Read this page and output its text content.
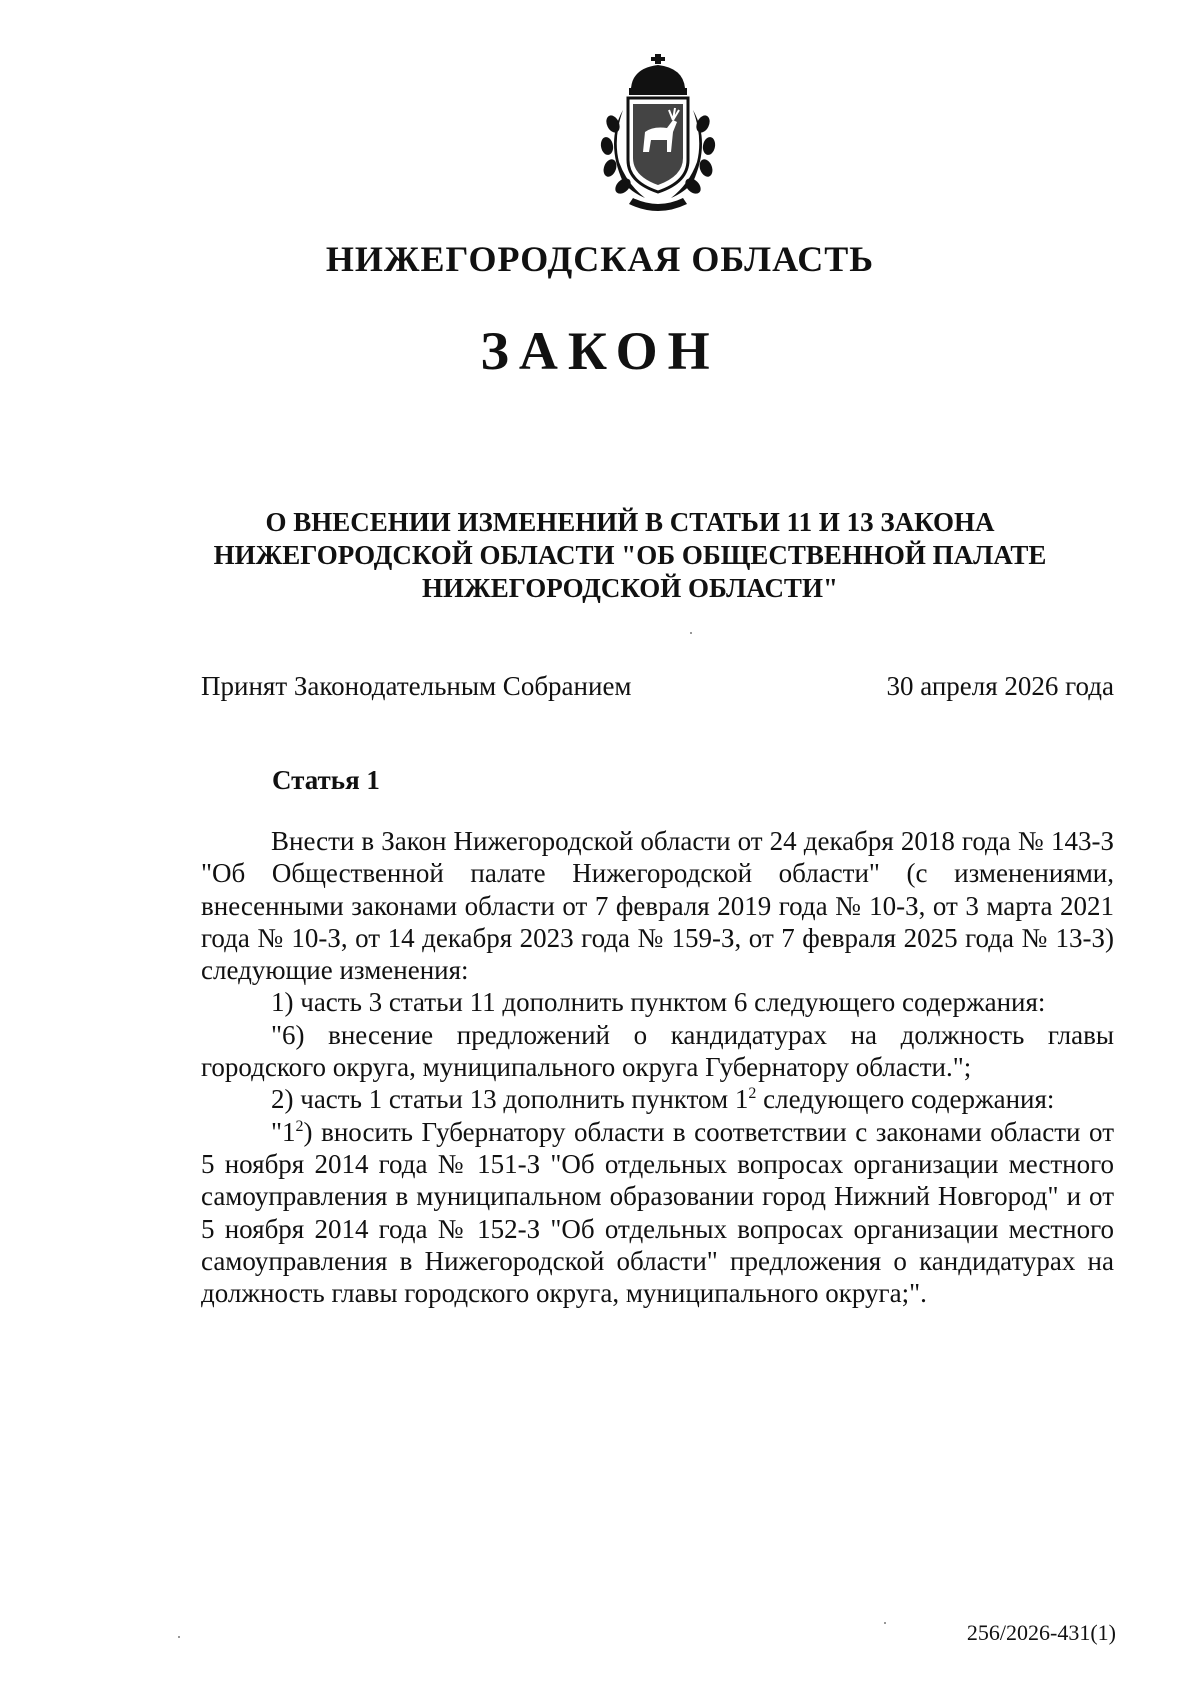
НИЖЕГОРОДСКАЯ ОБЛАСТЬ
ЗАКОН
О ВНЕСЕНИИ ИЗМЕНЕНИЙ В СТАТЬИ 11 И 13 ЗАКОНА
НИЖЕГОРОДСКОЙ ОБЛАСТИ "ОБ ОБЩЕСТВЕННОЙ ПАЛАТЕ
НИЖЕГОРОДСКОЙ ОБЛАСТИ"
Принят Законодательным Собранием	30 апреля 2026 года
Статья 1

Внести в Закон Нижегородской области от 24 декабря 2018 года № 143-З "Об Общественной палате Нижегородской области" (с изменениями, внесенными законами области от 7 февраля 2019 года № 10-З, от 3 марта 2021 года № 10-З, от 14 декабря 2023 года № 159-З, от 7 февраля 2025 года № 13-З) следующие изменения:

1) часть 3 статьи 11 дополнить пунктом 6 следующего содержания:

"6) внесение предложений о кандидатурах на должность главы городского округа, муниципального округа Губернатору области.";

2) часть 1 статьи 13 дополнить пунктом $1^2$ следующего содержания:

"$1^2$) вносить Губернатору области в соответствии с законами области от 5 ноября 2014 года № 151-З "Об отдельных вопросах организации местного самоуправления в муниципальном образовании город Нижний Новгород" и от 5 ноября 2014 года № 152-З "Об отдельных вопросах организации местного самоуправления в Нижегородской области" предложения о кандидатурах на должность главы городского округа, муниципального округа;".

256/2026-431(1)
